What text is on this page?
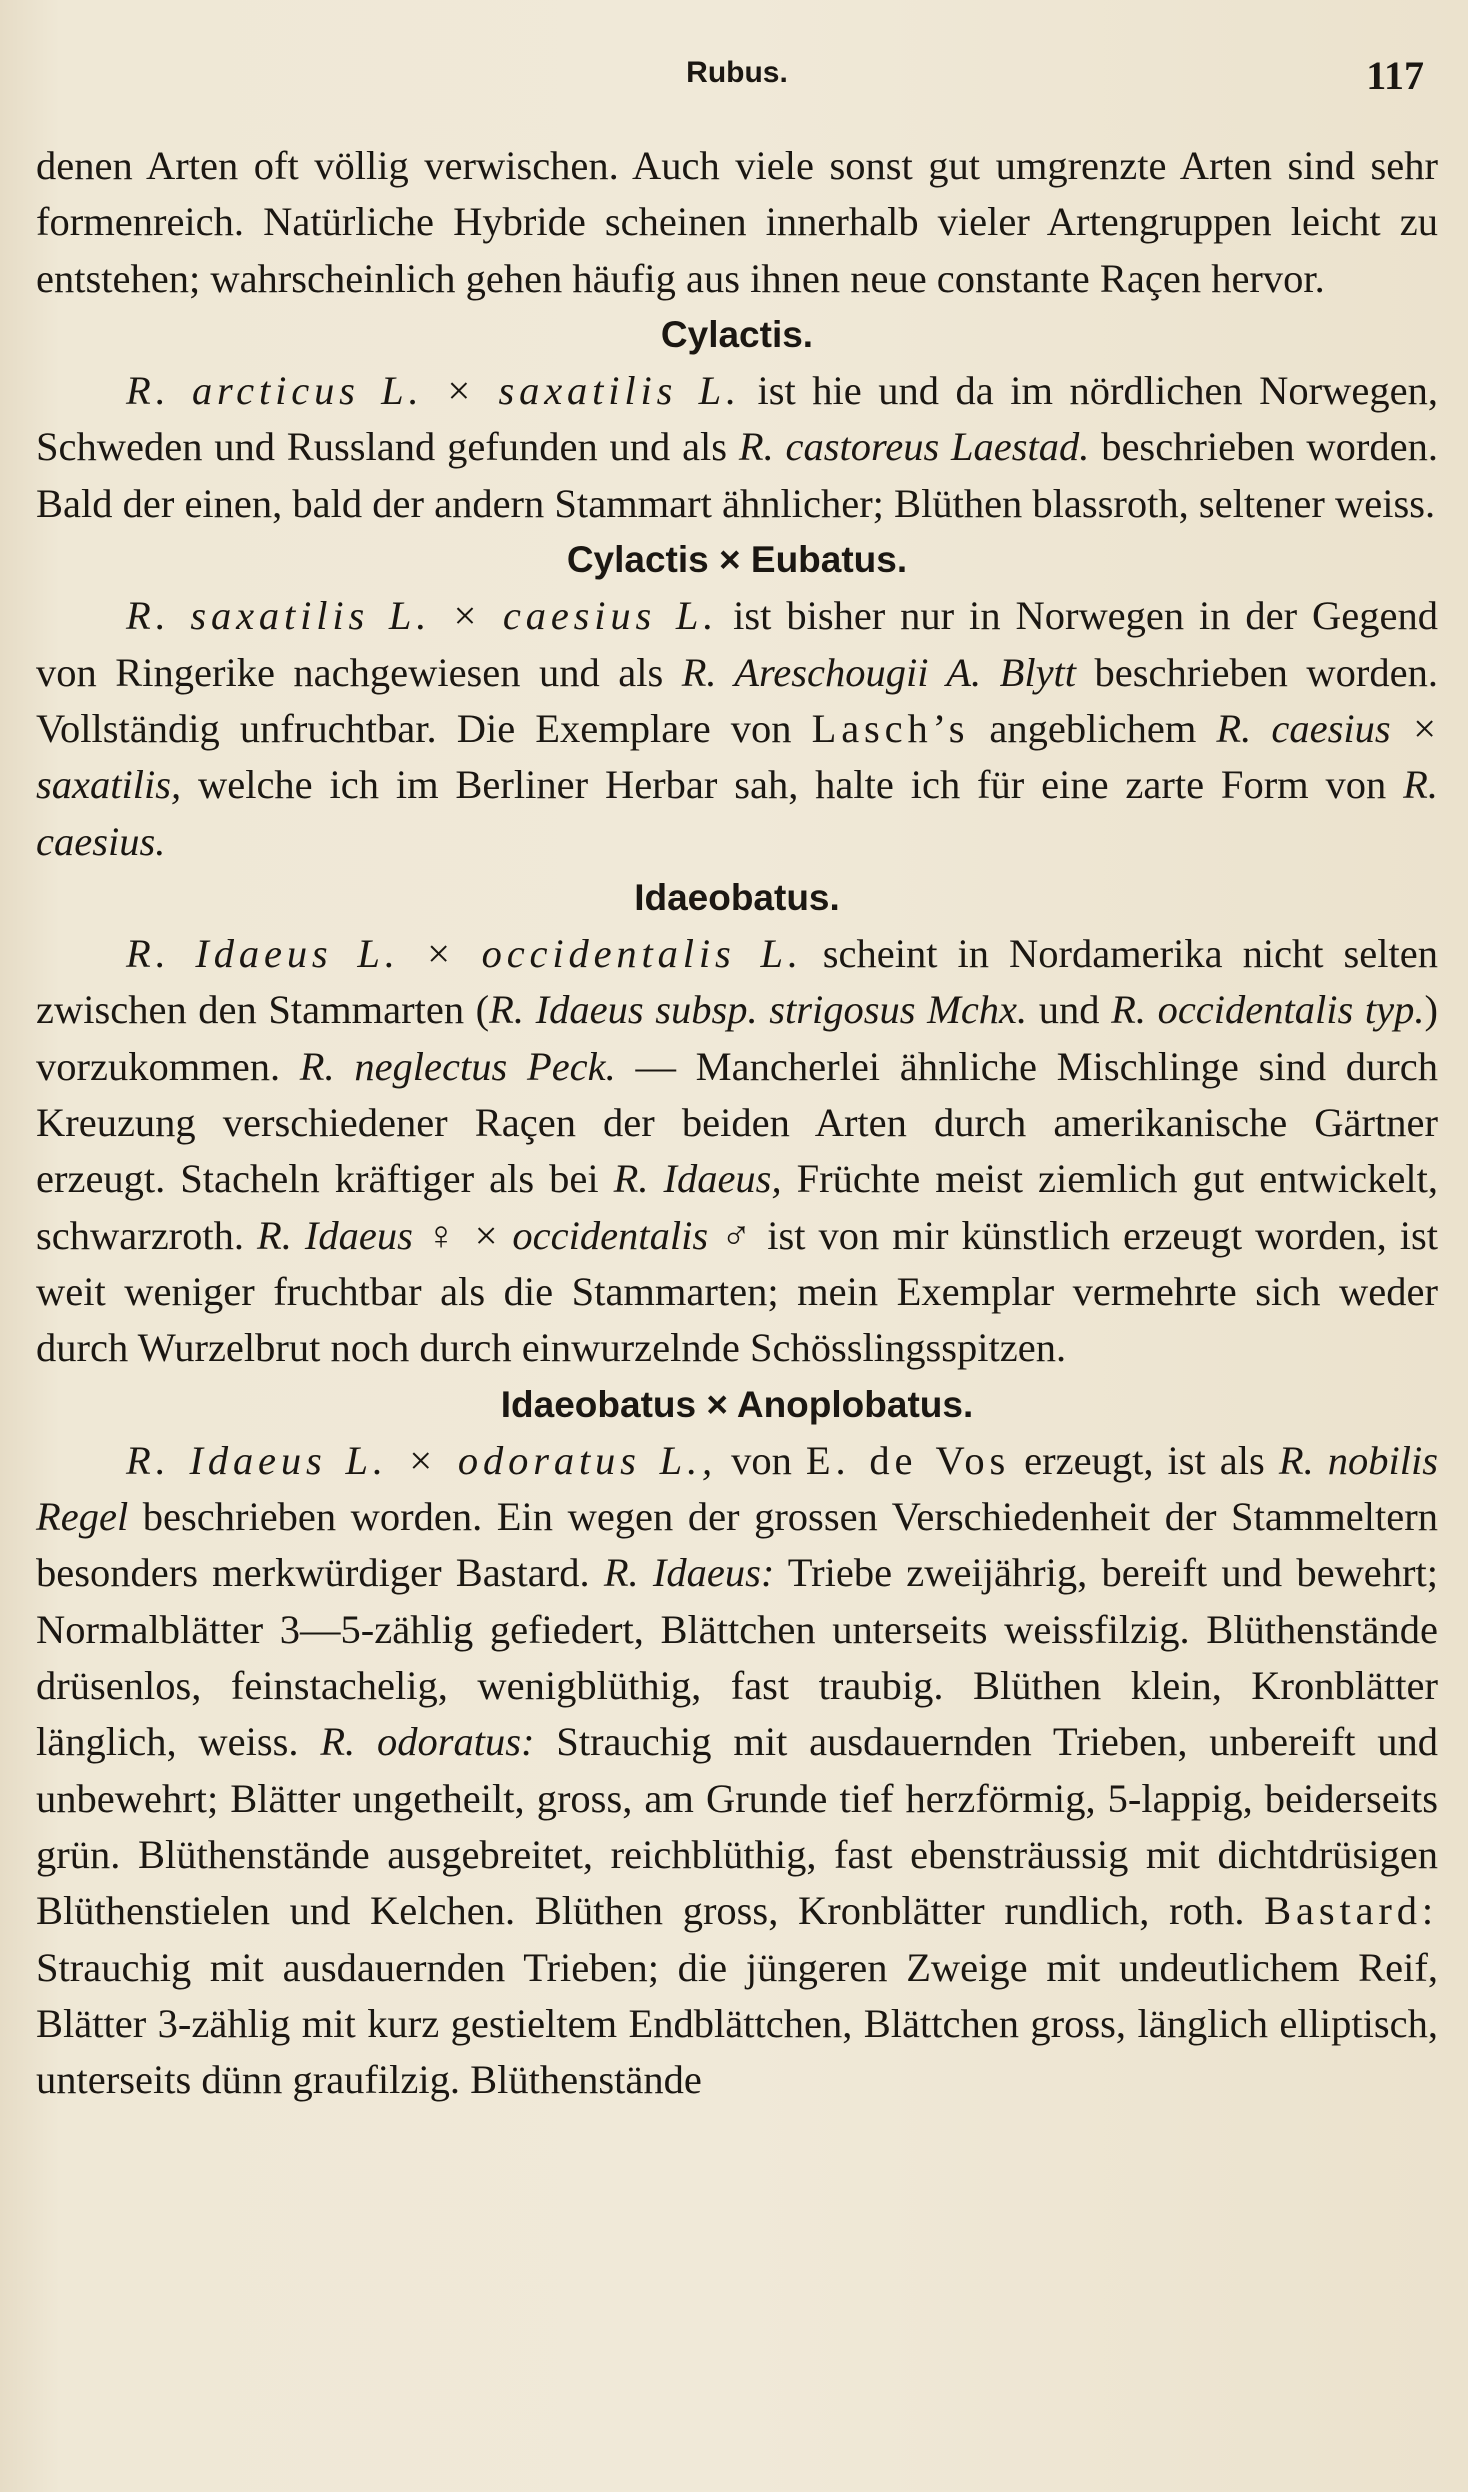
Rubus.	117

denen Arten oft völlig verwischen. Auch viele sonst gut umgrenzte Arten sind sehr formenreich. Natürliche Hybride scheinen innerhalb vieler Artengruppen leicht zu entstehen; wahrscheinlich gehen häufig aus ihnen neue constante Raçen hervor.

Cylactis.

R. arcticus L. × saxatilis L. ist hie und da im nördlichen Norwegen, Schweden und Russland gefunden und als R. castoreus Laestad. beschrieben worden. Bald der einen, bald der andern Stammart ähnlicher; Blüthen blassroth, seltener weiss.

Cylactis × Eubatus.

R. saxatilis L. × caesius L. ist bisher nur in Norwegen in der Gegend von Ringerike nachgewiesen und als R. Areschougii A. Blytt beschrieben worden. Vollständig unfruchtbar. Die Exemplare von Lasch’s angeblichem R. caesius × saxatilis, welche ich im Berliner Herbar sah, halte ich für eine zarte Form von R. caesius.

Idaeobatus.

R. Idaeus L. × occidentalis L. scheint in Nordamerika nicht selten zwischen den Stammarten (R. Idaeus subsp. strigosus Mchx. und R. occidentalis typ.) vorzukommen. R. neglectus Peck. — Mancherlei ähnliche Mischlinge sind durch Kreuzung verschiedener Raçen der beiden Arten durch amerikanische Gärtner erzeugt. Stacheln kräftiger als bei R. Idaeus, Früchte meist ziemlich gut entwickelt, schwarzroth. R. Idaeus ♀ × occidentalis ♂ ist von mir künstlich erzeugt worden, ist weit weniger fruchtbar als die Stammarten; mein Exemplar vermehrte sich weder durch Wurzelbrut noch durch einwurzelnde Schösslingsspitzen.

Idaeobatus × Anoplobatus.

R. Idaeus L. × odoratus L., von E. de Vos erzeugt, ist als R. nobilis Regel beschrieben worden. Ein wegen der grossen Verschiedenheit der Stammeltern besonders merkwürdiger Bastard. R. Idaeus: Triebe zweijährig, bereift und bewehrt; Normalblätter 3—5-zählig gefiedert, Blättchen unterseits weissfilzig. Blüthenstände drüsenlos, feinstachelig, wenigblüthig, fast traubig. Blüthen klein, Kronblätter länglich, weiss. R. odoratus: Strauchig mit ausdauernden Trieben, unbereift und unbewehrt; Blätter ungetheilt, gross, am Grunde tief herzförmig, 5-lappig, beiderseits grün. Blüthenstände ausgebreitet, reichblüthig, fast ebensträussig mit dichtdrüsigen Blüthenstielen und Kelchen. Blüthen gross, Kronblätter rundlich, roth. Bastard: Strauchig mit ausdauernden Trieben; die jüngeren Zweige mit undeutlichem Reif, Blätter 3-zählig mit kurz gestieltem Endblättchen, Blättchen gross, länglich elliptisch, unterseits dünn graufilzig. Blüthenstände
